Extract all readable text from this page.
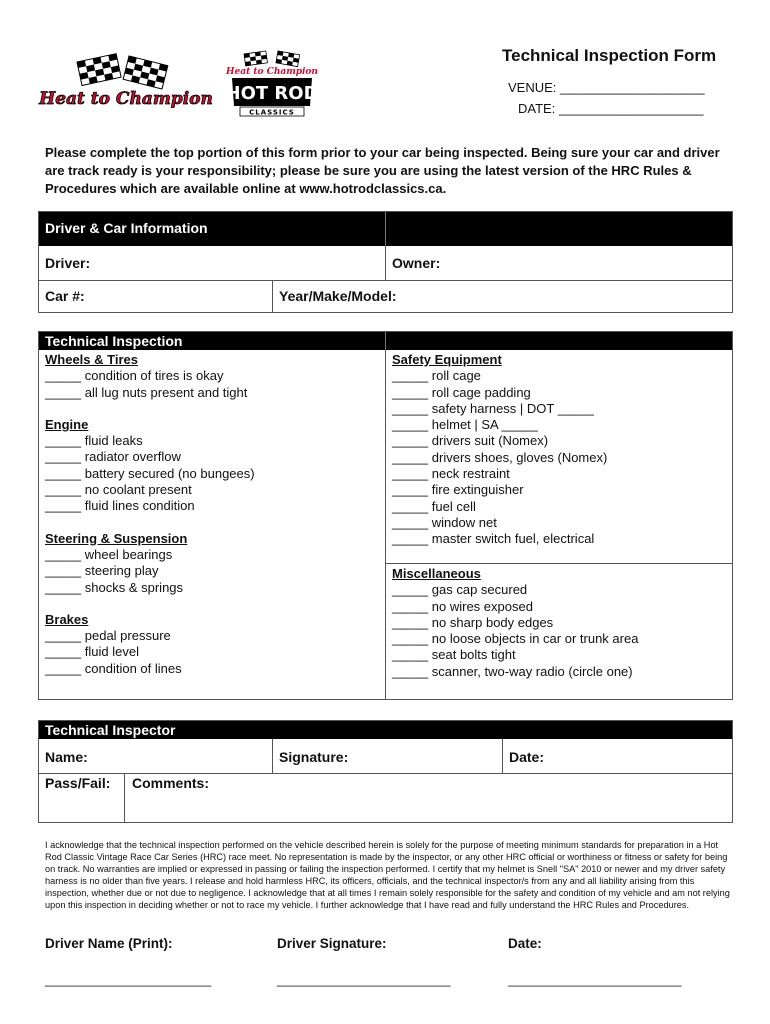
Heat to Champion
Heat to Champion
HOT ROD
CLASSICS
Technical Inspection Form
VENUE: ____________________
DATE: ____________________
Please complete the top portion of this form prior to your car being inspected. Being sure your car and driver are track ready is your responsibility; please be sure you are using the latest version of the HRC Rules & Procedures which are available online at www.hotrodclassics.ca.
Driver & Car Information
Driver:	Owner:
Car #:	Year/Make/Model:
Technical Inspection
Wheels & Tires
_____ condition of tires is okay
_____ all lug nuts present and tight
Engine
_____ fluid leaks
_____ radiator overflow
_____ battery secured (no bungees)
_____ no coolant present
_____ fluid lines condition
Steering & Suspension
_____ wheel bearings
_____ steering play
_____ shocks & springs
Brakes
_____ pedal pressure
_____ fluid level
_____ condition of lines
Safety Equipment
_____ roll cage
_____ roll cage padding
_____ safety harness | DOT _____
_____ helmet | SA _____
_____ drivers suit (Nomex)
_____ drivers shoes, gloves (Nomex)
_____ neck restraint
_____ fire extinguisher
_____ fuel cell
_____ window net
_____ master switch fuel, electrical
Miscellaneous
_____ gas cap secured
_____ no wires exposed
_____ no sharp body edges
_____ no loose objects in car or trunk area
_____ seat bolts tight
_____ scanner, two-way radio (circle one)
Technical Inspector
Name:	Signature:	Date:
Pass/Fail: Comments:
I acknowledge that the technical inspection performed on the vehicle described herein is solely for the purpose of meeting minimum standards for preparation in a Hot Rod Classic Vintage Race Car Series (HRC) race meet. No representation is made by the inspector, or any other HRC official or worthiness or fitness or safety for being on track. No warranties are implied or expressed in passing or failing the inspection performed. I certify that my helmet is Snell "SA" 2010 or newer and my driver safety harness is no older than five years. I release and hold harmless HRC, its officers, officials, and the technical inspector/s from any and all liability arising from this inspection, whether due or not due to negligence. I acknowledge that at all times I remain solely responsible for the safety and condition of my vehicle and am not relying upon this inspection in deciding whether or not to race my vehicle. I further acknowledge that I have read and fully understand the HRC Rules and Procedures.
Driver Name (Print):	Driver Signature:	Date:
_______________________	________________________	________________________
